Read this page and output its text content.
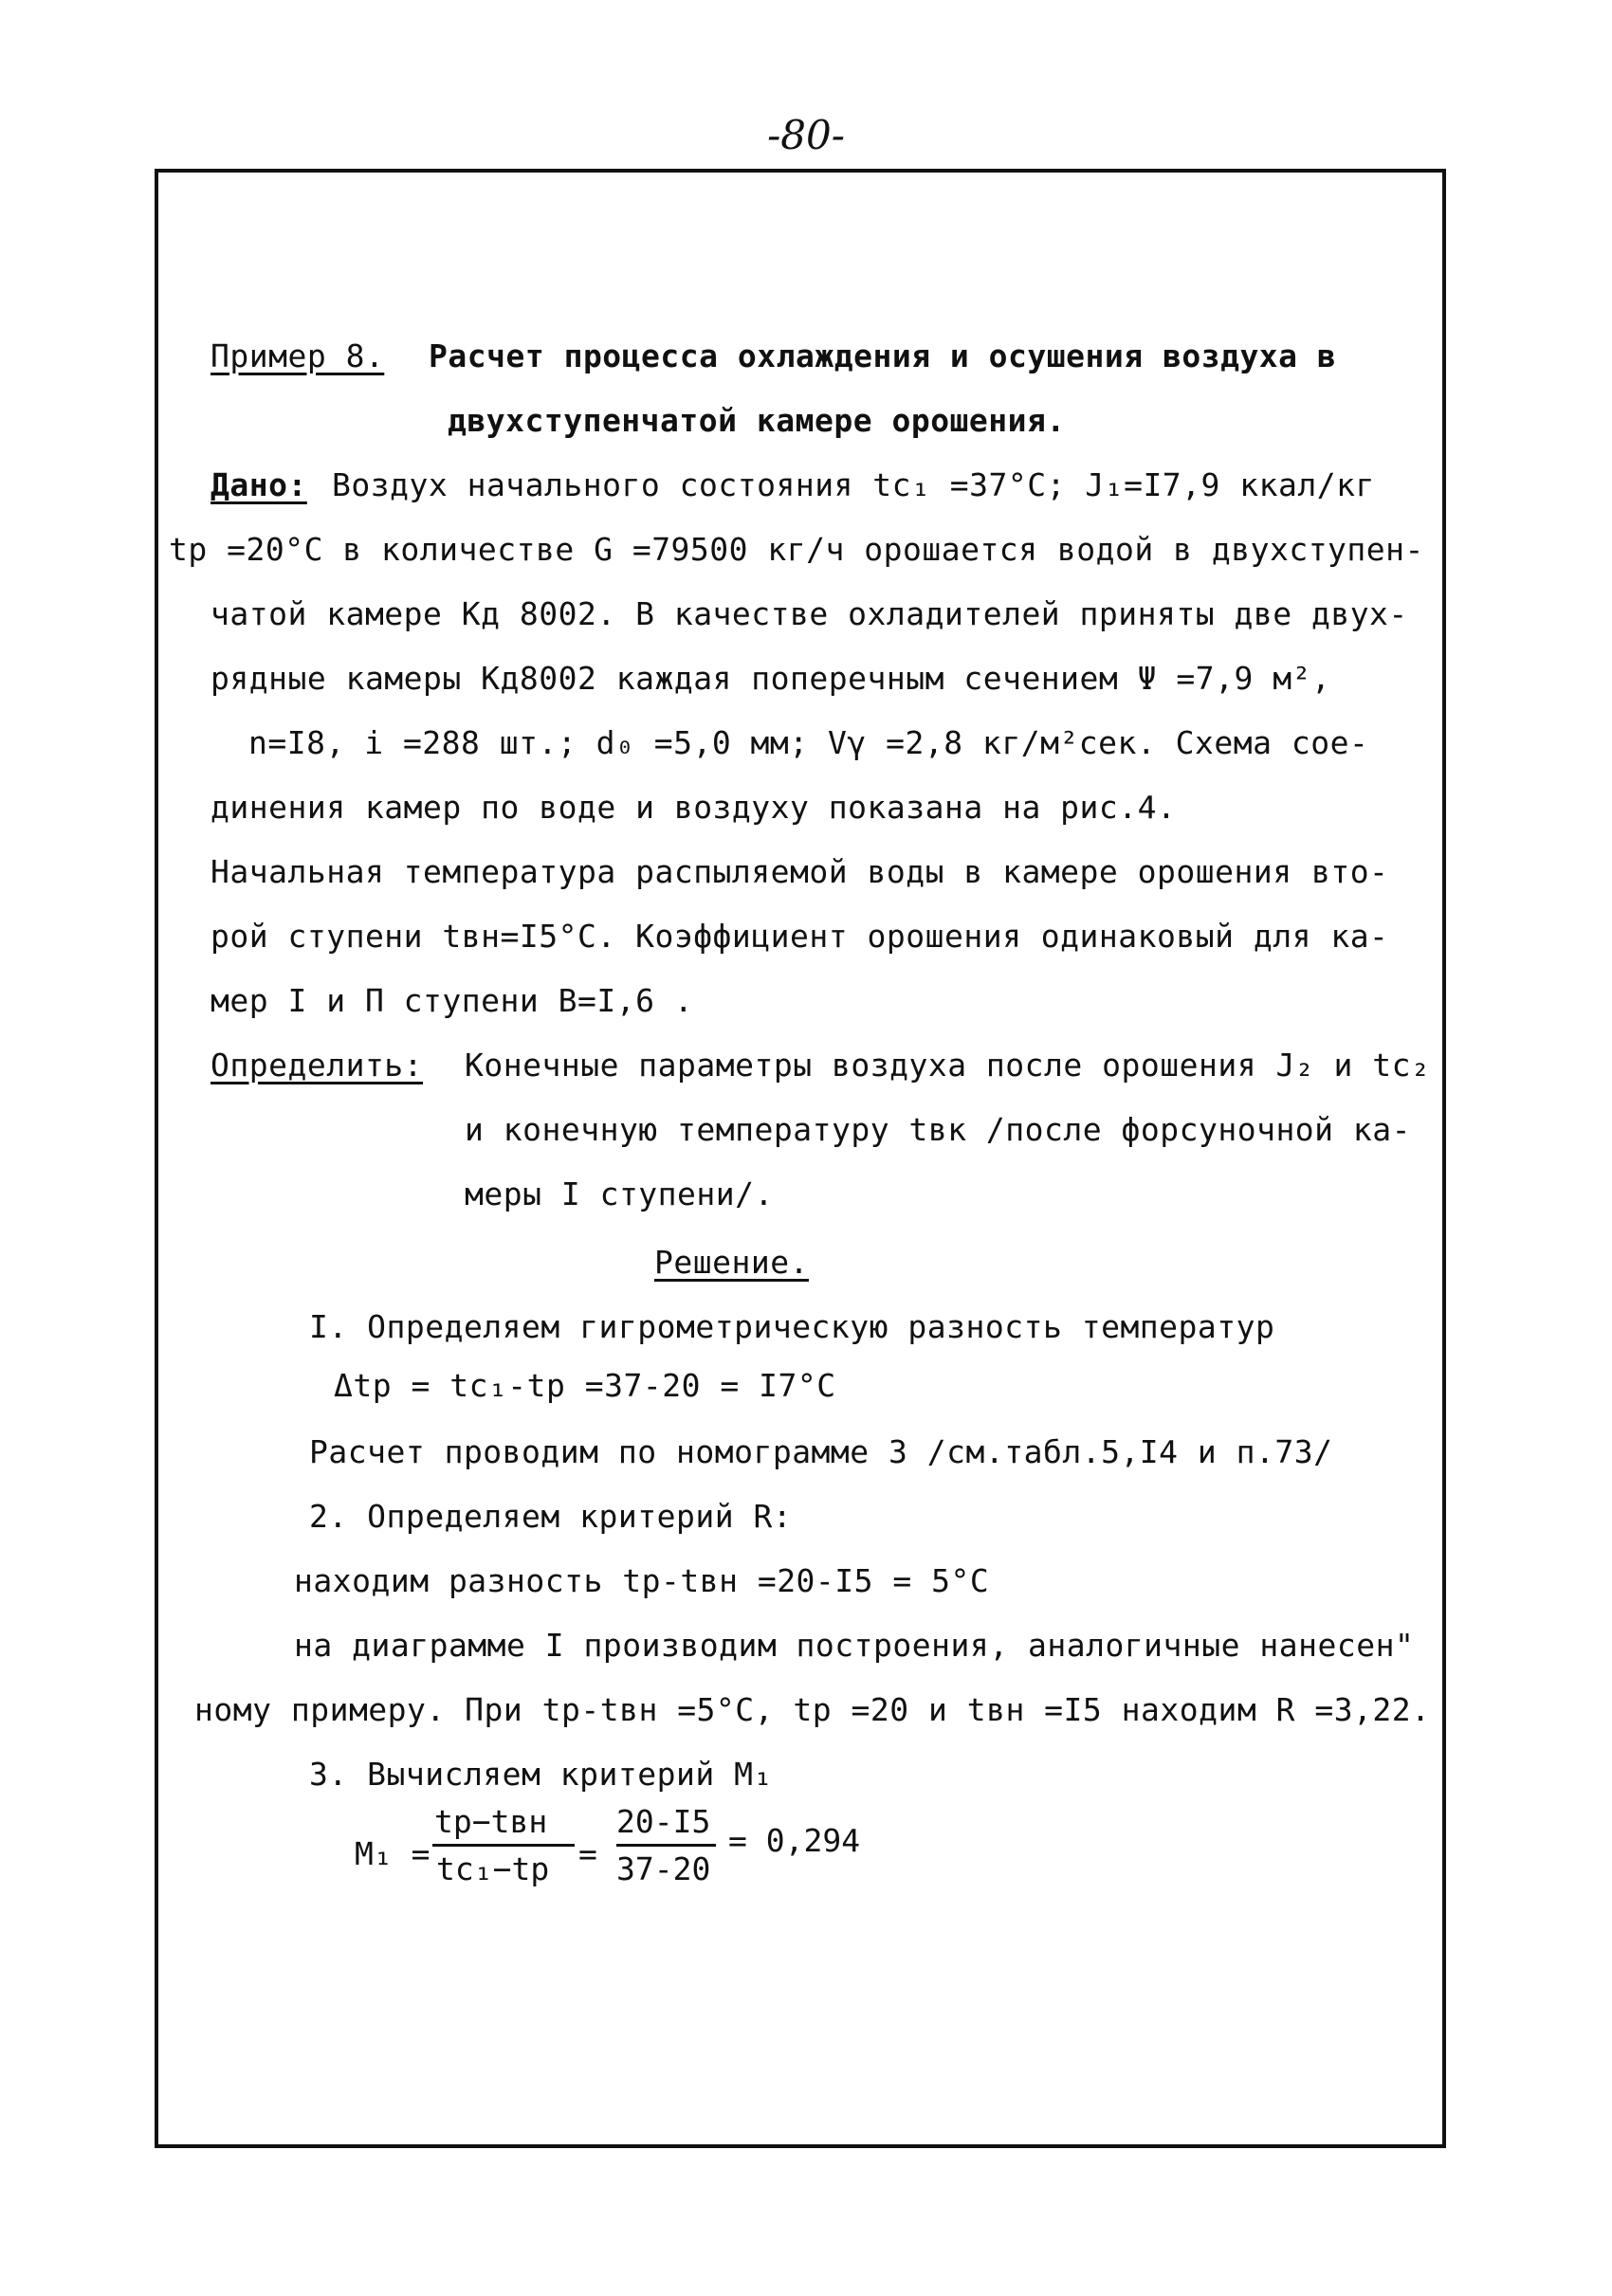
-80-
Пример 8. Расчет процесса охлаждения и осушения воздуха в
двухступенчатой камере орошения.
Дано: Воздух начального состояния tс₁ =37°С; J₁=I7,9 ккал/кг
tр =20°С в количестве G =79500 кг/ч орошается водой в двухступен-
чатой камере Кд 8002. В качестве охладителей приняты две двух-
рядные камеры Кд8002 каждая поперечным сечением Ψ =7,9 м²,
n=I8, i =288 шт.; d₀ =5,0 мм; Vγ =2,8 кг/м²сек. Схема сое-
динения камер по воде и воздуху показана на рис.4.
Начальная температура распыляемой воды в камере орошения вто-
рой ступени tвн=I5°С. Коэффициент орошения одинаковый для ка-
мер I и П ступени В=I,6 .
Определить: Конечные параметры воздуха после орошения J₂ и tс₂
и конечную температуру tвк /после форсуночной ка-
меры I ступени/.
Решение.
I. Определяем гигрометрическую разность температур
Δtр = tс₁-tр =37-20 = I7°С
Расчет проводим по номограмме 3 /см.табл.5,I4 и п.73/
2. Определяем критерий R:
находим разность tр-tвн =20-I5 = 5°С
на диаграмме I производим построения, аналогичные нанесен"
ному примеру. При tр-tвн =5°С, tр =20 и tвн =I5 находим R =3,22.
3. Вычисляем критерий M₁
M₁ =
tр−tвн
tс₁−tр =
20-I5
37-20
= 0,294
